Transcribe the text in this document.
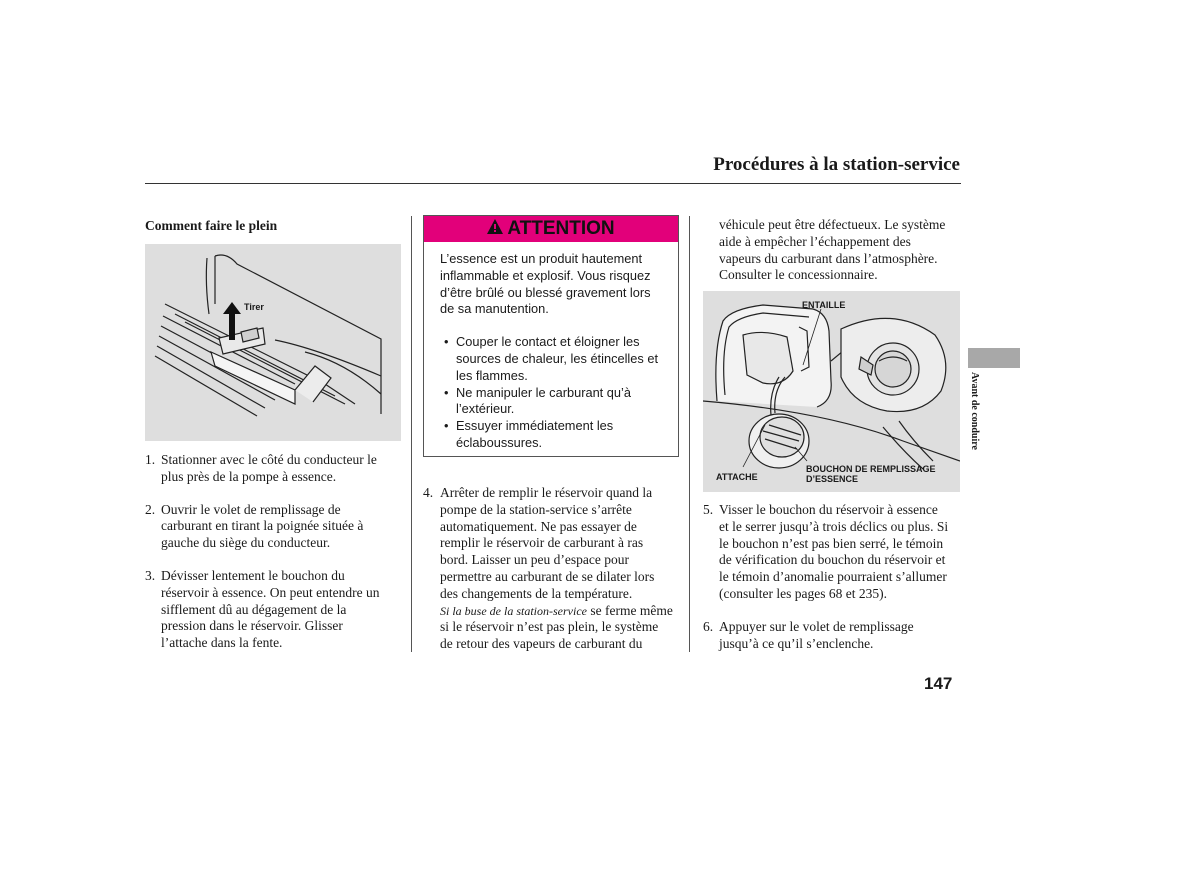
Procédures à la station-service
Comment faire le plein
Tirer
1. Stationner avec le côté du conducteur le
plus près de la pompe à essence.
2. Ouvrir le volet de remplissage de
carburant en tirant la poignée située à
gauche du siège du conducteur.
3. Dévisser lentement le bouchon du
réservoir à essence. On peut entendre un
sifflement dû au dégagement de la
pression dans le réservoir. Glisser
l’attache dans la fente.
ATTENTION

L’essence est un produit hautement
inflammable et explosif. Vous risquez
d’être brûlé ou blessé gravement lors
de sa manutention.

• Couper le contact et éloigner les
sources de chaleur, les étincelles et
les flammes.
• Ne manipuler le carburant qu’à
l’extérieur.
• Essuyer immédiatement les
éclaboussures.
4. Arrêter de remplir le réservoir quand la
pompe de la station-service s’arrête
automatiquement. Ne pas essayer de
remplir le réservoir de carburant à ras
bord. Laisser un peu d’espace pour
permettre au carburant de se dilater lors
des changements de la température.
Si la buse de la station-service se ferme même
si le réservoir n’est pas plein, le système
de retour des vapeurs de carburant du
véhicule peut être défectueux. Le système
aide à empêcher l’échappement des
vapeurs du carburant dans l’atmosphère.
Consulter le concessionnaire.
ENTAILLE
ATTACHE
BOUCHON DE REMPLISSAGE
D’ESSENCE
5. Visser le bouchon du réservoir à essence
et le serrer jusqu’à trois déclics ou plus. Si
le bouchon n’est pas bien serré, le témoin
de vérification du bouchon du réservoir et
le témoin d’anomalie pourraient s’allumer
(consulter les pages 68 et 235).
6. Appuyer sur le volet de remplissage
jusqu’à ce qu’il s’enclenche.
Avant de conduire
147
